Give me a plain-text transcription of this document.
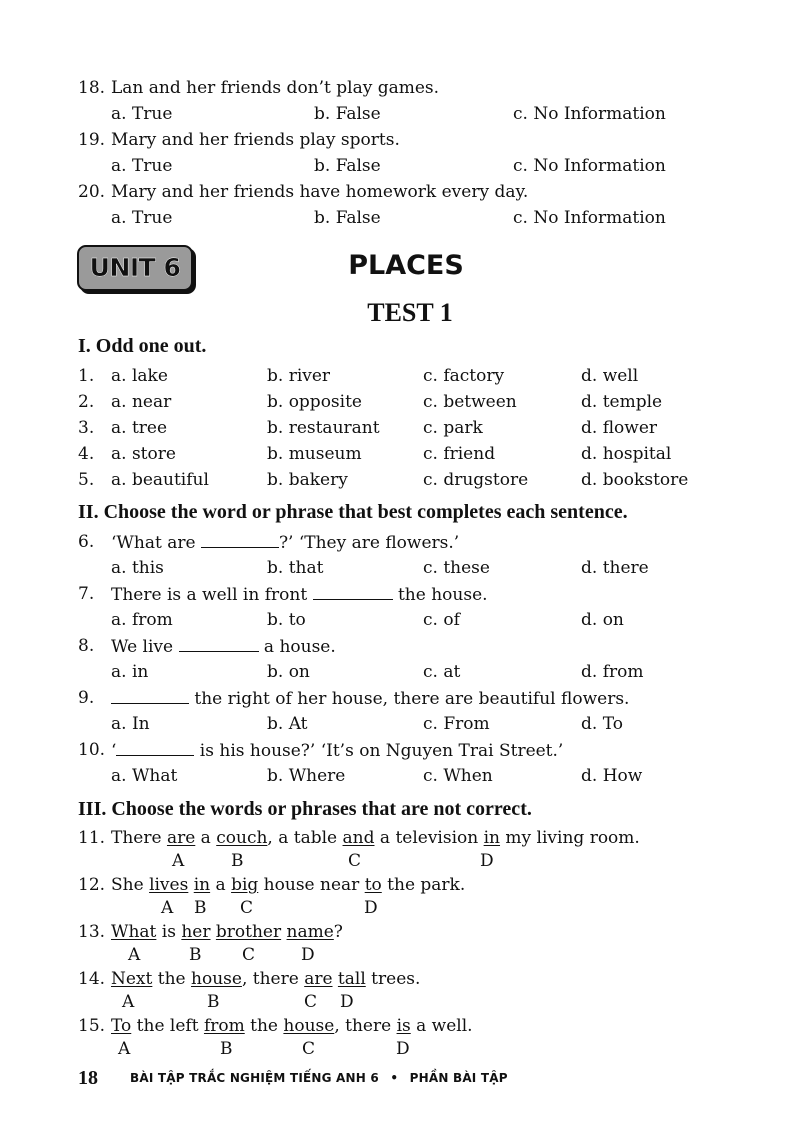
18. Lan and her friends don’t play games.
a. True	b. False	c. No Information
19. Mary and her friends play sports.
a. True	b. False	c. No Information
20. Mary and her friends have homework every day.
a. True	b. False	c. No Information
UNIT 6	PLACES
TEST 1
I. Odd one out.
1. a. lake	b. river	c. factory	d. well
2. a. near	b. opposite	c. between	d. temple
3. a. tree	b. restaurant	c. park	d. flower
4. a. store	b. museum	c. friend	d. hospital
5. a. beautiful	b. bakery	c. drugstore	d. bookstore
II. Choose the word or phrase that best completes each sentence.
6. ‘What are	?’ ‘They are flowers.’
a. this	b. that	c. these	d. there
7. There is a well in front	the house.
a. from	b. to	c. of	d. on
8. We live	a house.
a. in	b. on	c. at	d. from
9.	the right of her house, there are beautiful flowers.
a. In	b. At	c. From	d. To
10. ‘	is his house?’ ‘It’s on Nguyen Trai Street.’
a. What	b. Where	c. When	d. How
III. Choose the words or phrases that are not correct.
11. There are a couch, a table and a television in my living room.
A	B	C	D
12. She lives in a big house near to the park.
A B C	D
13. What is her brother name?
A	B C	D
14. Next the house, there are tall trees.
A	B	C D
15. To the left from the house, there is a well.
A	B	C	D
18	BÀI TẬP TRẮC NGHIỆM TIẾNG ANH 6 • PHẦN BÀI TẬP
